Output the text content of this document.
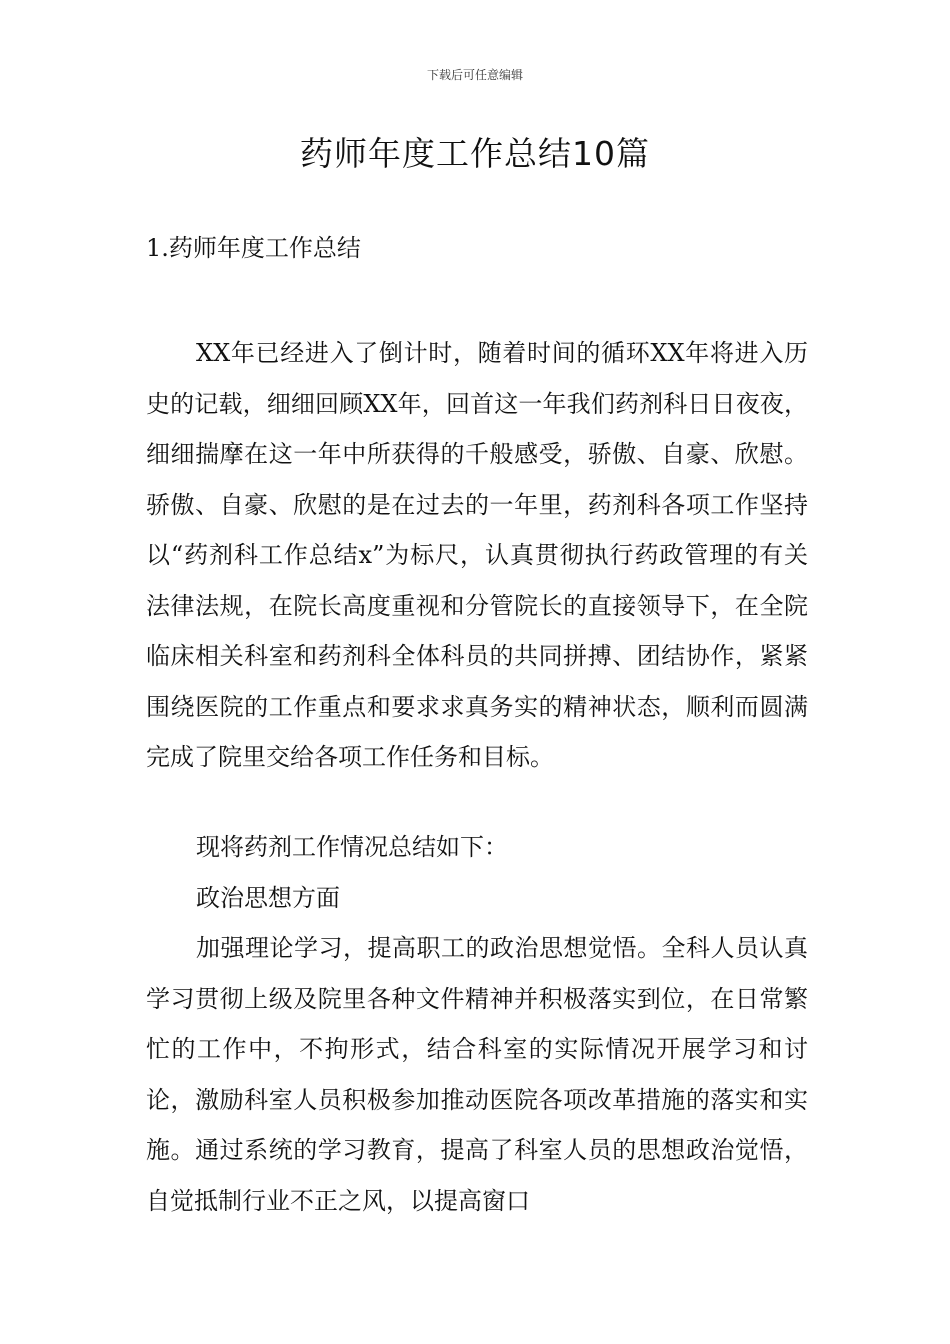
下载后可任意编辑
药师年度工作总结10篇
1.药师年度工作总结

XX年已经进入了倒计时，随着时间的循环XX年将进入历史的记载，细细回顾XX年，回首这一年我们药剂科日日夜夜，细细揣摩在这一年中所获得的千般感受，骄傲、自豪、欣慰。骄傲、自豪、欣慰的是在过去的一年里，药剂科各项工作坚持以“药剂科工作总结x”为标尺，认真贯彻执行药政管理的有关法律法规，在院长高度重视和分管院长的直接领导下，在全院临床相关科室和药剂科全体科员的共同拼搏、团结协作，紧紧围绕医院的工作重点和要求求真务实的精神状态，顺利而圆满完成了院里交给各项工作任务和目标。

现将药剂工作情况总结如下：

政治思想方面

加强理论学习，提高职工的政治思想觉悟。全科人员认真学习贯彻上级及院里各种文件精神并积极落实到位，在日常繁忙的工作中，不拘形式，结合科室的实际情况开展学习和讨论，激励科室人员积极参加推动医院各项改革措施的落实和实施。通过系统的学习教育，提高了科室人员的思想政治觉悟，自觉抵制行业不正之风，以提高窗口
